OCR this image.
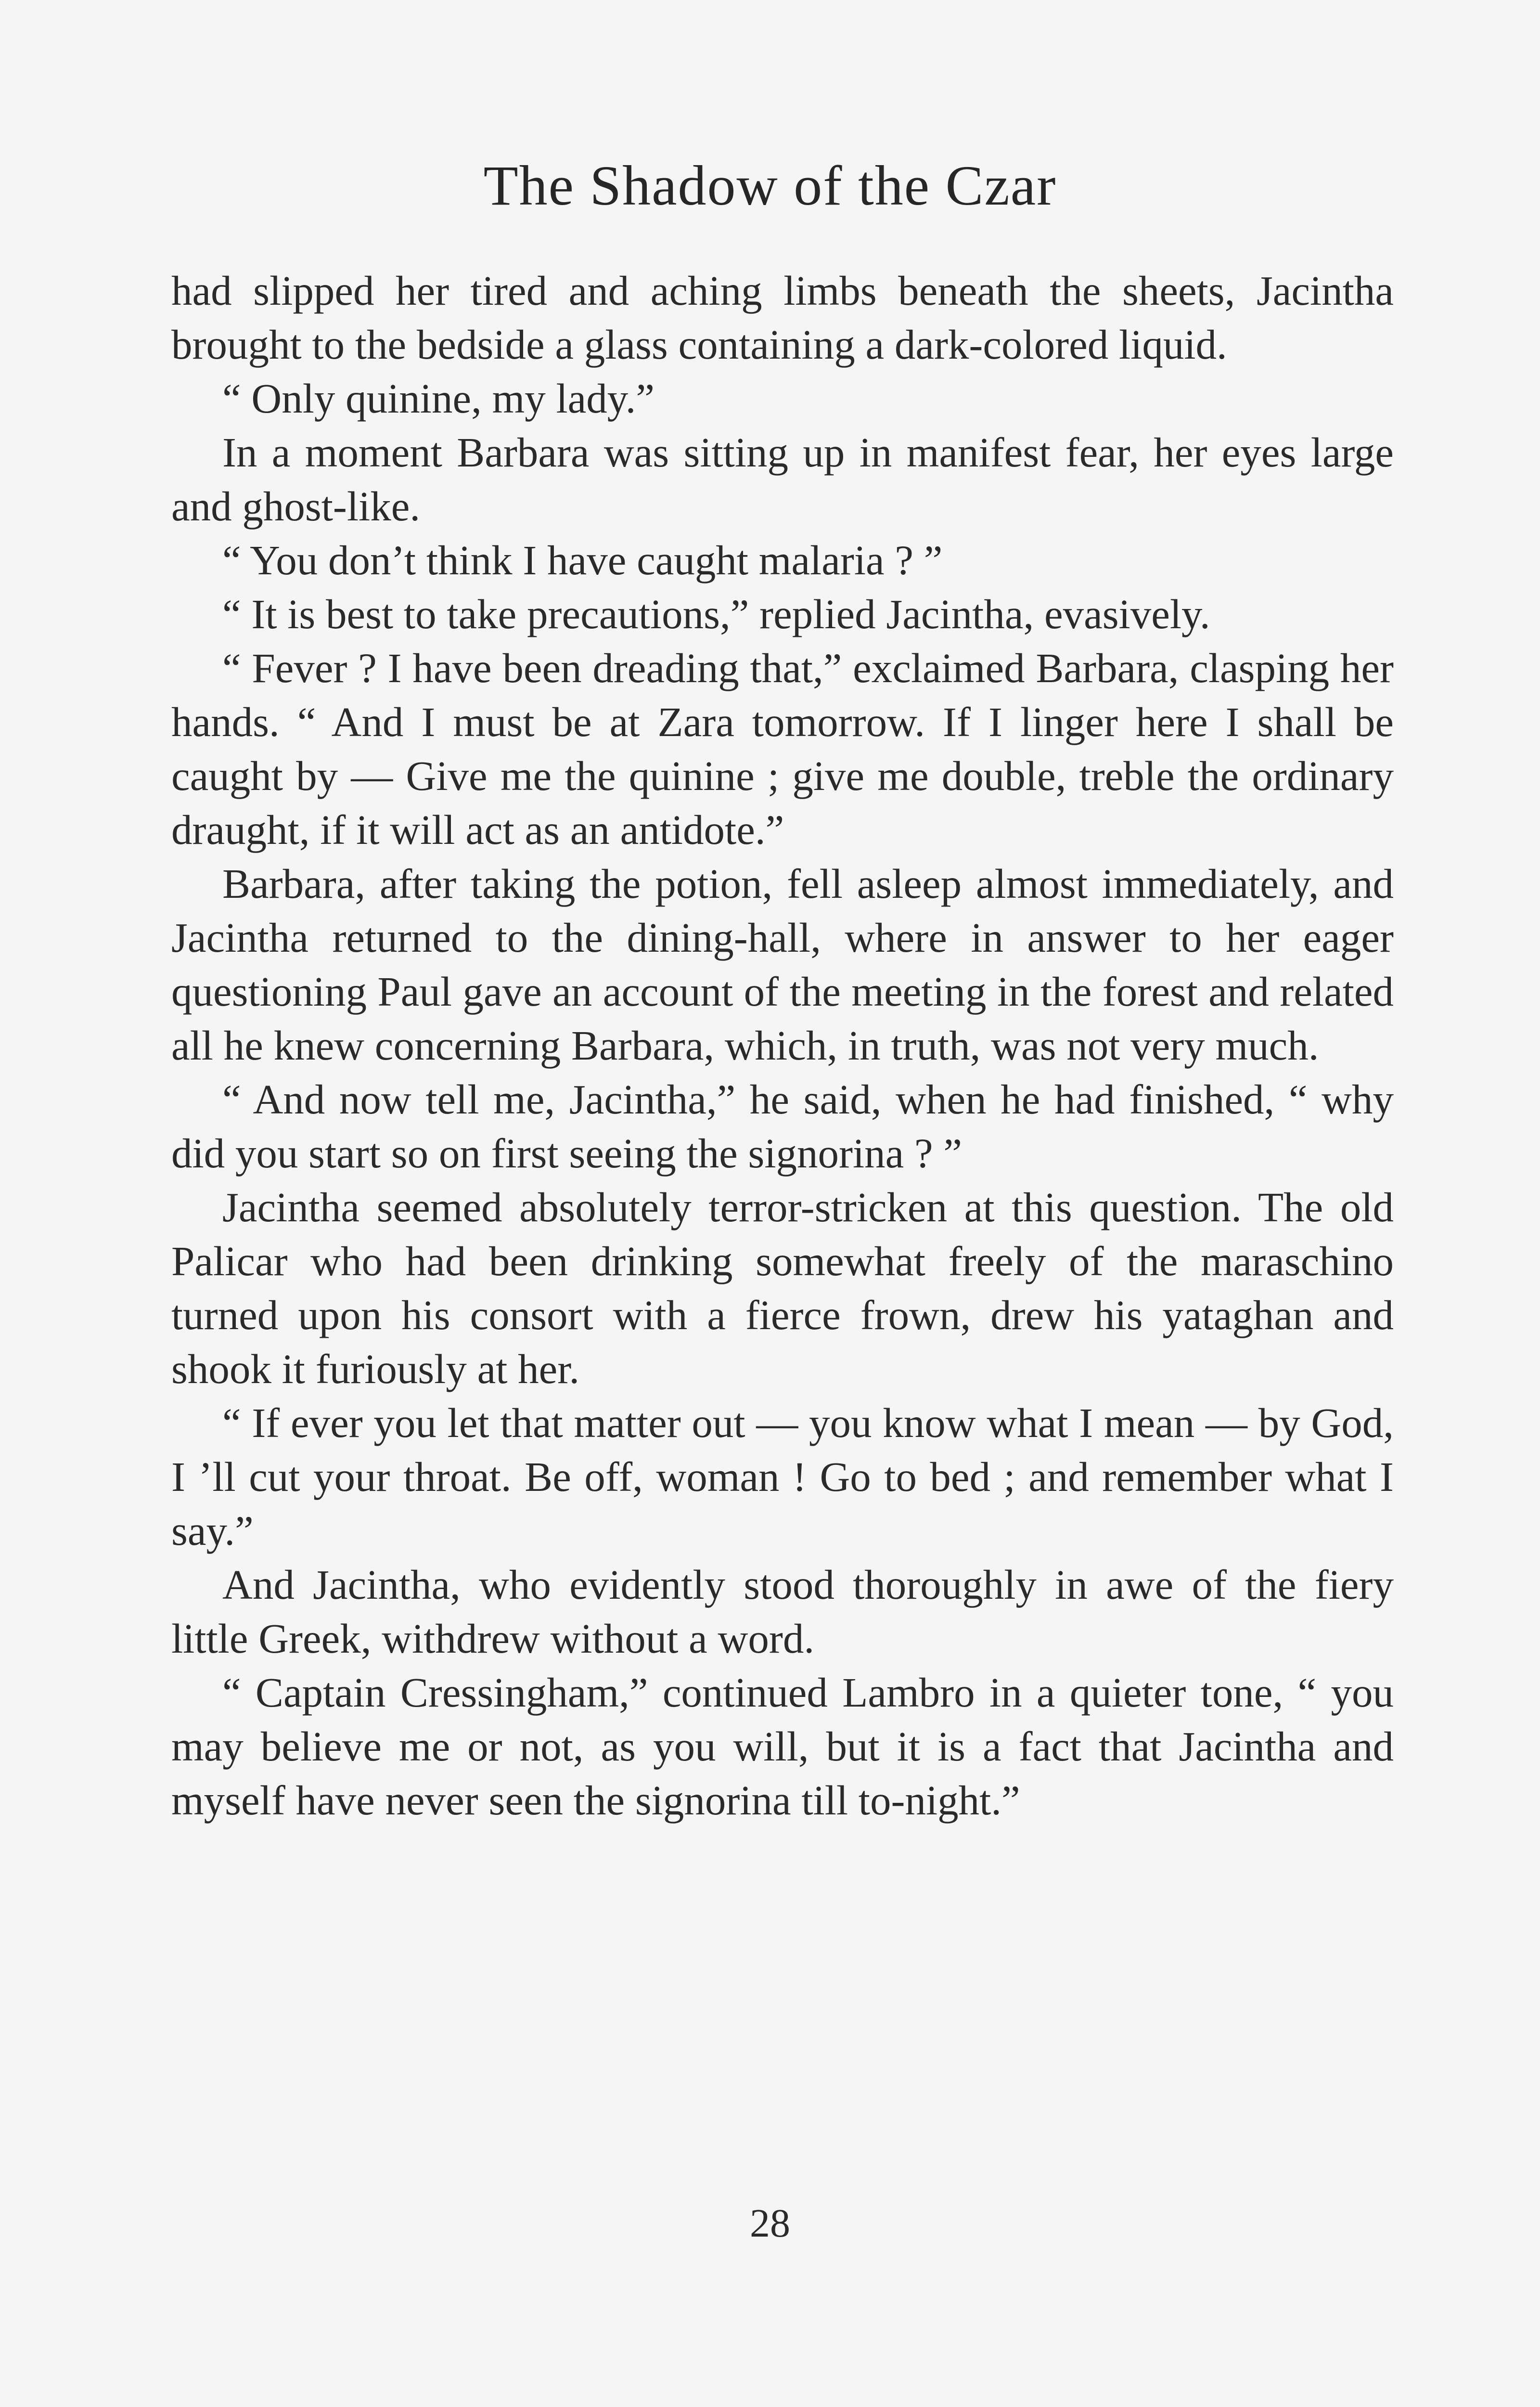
The Shadow of the Czar

had slipped her tired and aching limbs beneath the sheets, Jacintha brought to the bedside a glass containing a dark-colored liquid.

“ Only quinine, my lady.”

In a moment Barbara was sitting up in manifest fear, her eyes large and ghost-like.

“ You don’t think I have caught malaria ? ”

“ It is best to take precautions,” replied Jacintha, evasively.

“ Fever ? I have been dreading that,” exclaimed Barbara, clasping her hands. “ And I must be at Zara tomorrow. If I linger here I shall be caught by — Give me the quinine ; give me double, treble the ordinary draught, if it will act as an antidote.”

Barbara, after taking the potion, fell asleep almost immediately, and Jacintha returned to the dining-hall, where in answer to her eager questioning Paul gave an account of the meeting in the forest and related all he knew concerning Barbara, which, in truth, was not very much.

“ And now tell me, Jacintha,” he said, when he had finished, “ why did you start so on first seeing the signorina ? ”

Jacintha seemed absolutely terror-stricken at this question. The old Palicar who had been drinking somewhat freely of the maraschino turned upon his consort with a fierce frown, drew his yataghan and shook it furiously at her.

“ If ever you let that matter out — you know what I mean — by God, I ’ll cut your throat. Be off, woman ! Go to bed ; and remember what I say.”

And Jacintha, who evidently stood thoroughly in awe of the fiery little Greek, withdrew without a word.

“ Captain Cressingham,” continued Lambro in a quieter tone, “ you may believe me or not, as you will, but it is a fact that Jacintha and myself have never seen the signorina till to-night.”

28
